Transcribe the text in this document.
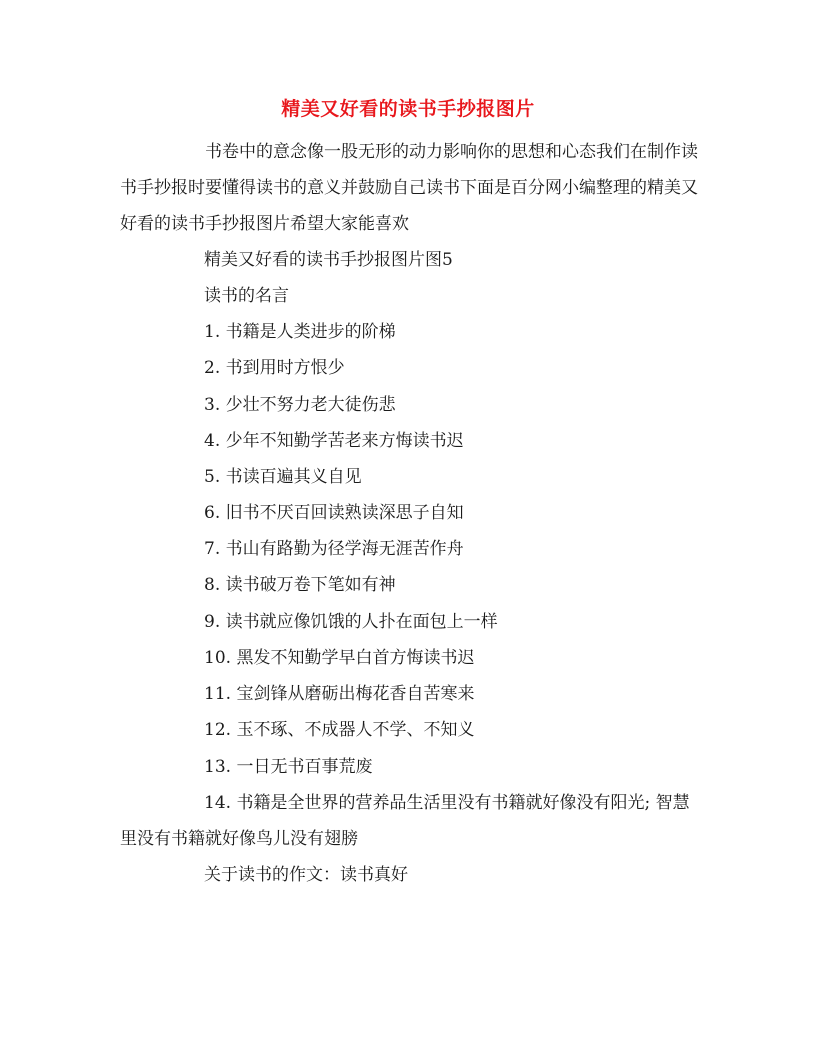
精美又好看的读书手抄报图片

书卷中的意念像一股无形的动力影响你的思想和心态我们在制作读书手抄报时要懂得读书的意义并鼓励自己读书下面是百分网小编整理的精美又好看的读书手抄报图片希望大家能喜欢

精美又好看的读书手抄报图片图5
读书的名言
1. 书籍是人类进步的阶梯
2. 书到用时方恨少
3. 少壮不努力老大徒伤悲
4. 少年不知勤学苦老来方悔读书迟
5. 书读百遍其义自见
6. 旧书不厌百回读熟读深思子自知
7. 书山有路勤为径学海无涯苦作舟
8. 读书破万卷下笔如有神
9. 读书就应像饥饿的人扑在面包上一样
10. 黑发不知勤学早白首方悔读书迟
11. 宝剑锋从磨砺出梅花香自苦寒来
12. 玉不琢、不成器人不学、不知义
13. 一日无书百事荒废

14. 书籍是全世界的营养品生活里没有书籍就好像没有阳光; 智慧里没有书籍就好像鸟儿没有翅膀

关于读书的作文：读书真好
